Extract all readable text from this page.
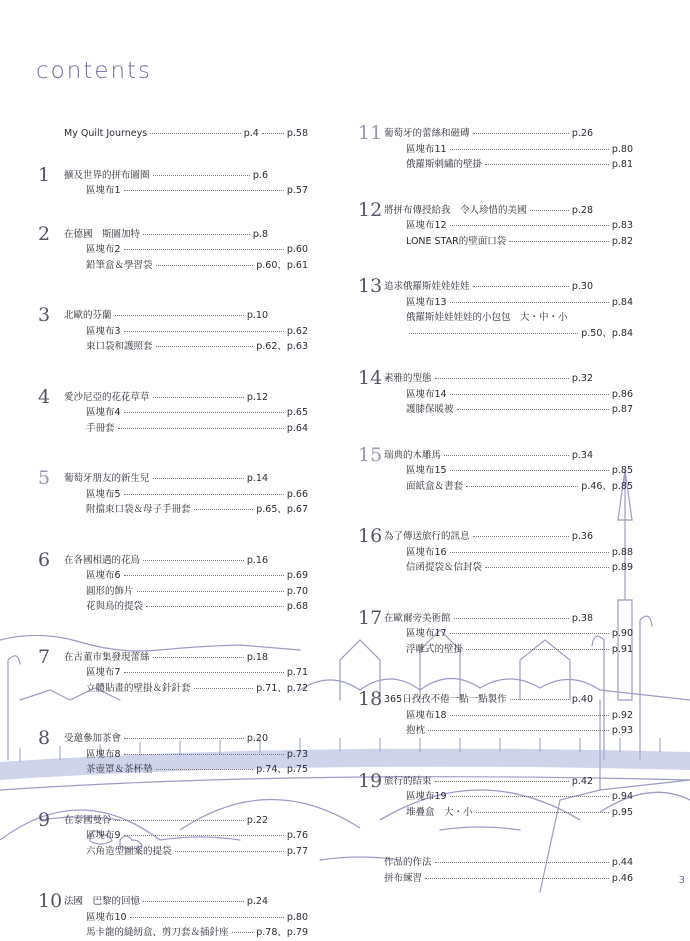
contents
My Quilt Journeys	p.4	p.58
1	擴及世界的拼布圖圈	p.6
區塊布1	p.57
2	在德國　斯圖加特	p.8
區塊布2	p.60
鉛筆盒＆學習袋	p.60、p.61
3	北歐的芬蘭	p.10
區塊布3	p.62
束口袋和護照套	p.62、p.63
4	愛沙尼亞的花花草草	p.12
區塊布4	p.65
手冊套	p.64
5	葡萄牙朋友的新生兒	p.14
區塊布5	p.66
附擋束口袋＆母子手冊套	p.65、p.67
6	在各國相遇的花鳥	p.16
區塊布6	p.69
圓形的飾片	p.70
花與鳥的提袋	p.68
7	在古董市集發現蕾絲	p.18
區塊布7	p.71
立體貼畫的壁掛＆針針套	p.71、p.72
8	受邀參加茶會	p.20
區塊布8	p.73
茶壺罩＆茶杯墊	p.74、p.75
9	在泰國曼谷	p.22
區塊布9	p.76
六角造型圖案的提袋	p.77
10 法國　巴黎的回憶	p.24
區塊布10	p.80
馬卡龍的縫紉盒、剪刀套＆插針座	p.78、p.79
11 葡萄牙的蕾絲和磁磚	p.26
區塊布11	p.80
俄羅斯刺繡的壁掛	p.81
12 將拼布傳授給我　令人珍惜的美國	p.28
區塊布12	p.83
LONE STAR的壁面口袋	p.82
13 追求俄羅斯娃娃娃娃	p.30
區塊布13	p.84
俄羅斯娃娃娃娃的小包包　大・中・小
p.50、p.84
14 素雅的型態	p.32
區塊布14	p.86
護膝保暖被	p.87
15 瑞典的木雕馬	p.34
區塊布15	p.85
面紙盒＆書套	p.46、p.85
16 為了傳送旅行的訊息	p.36
區塊布16	p.88
信函提袋＆信封袋	p.89
17 在歐爾旁美術館	p.38
區塊布17	p.90
浮雕式的壁掛	p.91
18 365日孜孜不倦一點一點製作	p.40
區塊布18	p.92
抱枕	p.93
19 旅行的結束	p.42
區塊布19	p.94
堆疊盒　大・小	p.95
作品的作法	p.44
拼布練習	p.46	3
